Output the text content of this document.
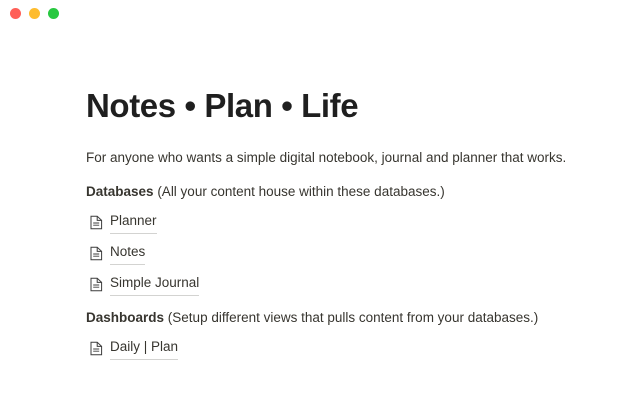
Notes • Plan • Life

For anyone who wants a simple digital notebook, journal and planner that works.

Databases (All your content house within these databases.)

Planner
Notes
Simple Journal

Dashboards (Setup different views that pulls content from your databases.)

Daily | Plan
